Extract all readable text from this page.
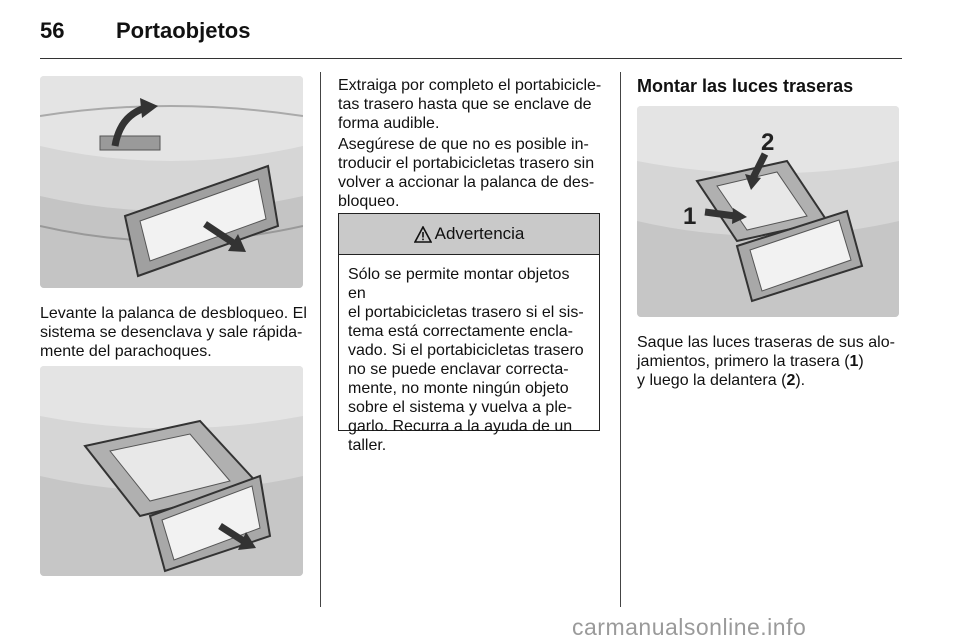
56 Portaobjetos

Levante la palanca de desbloqueo. El
sistema se desenclava y sale rápida-
mente del parachoques.

Extraiga por completo el portabicicle-
tas trasero hasta que se enclave de
forma audible.

Asegúrese de que no es posible in-
troducir el portabicicletas trasero sin
volver a accionar la palanca de des-
bloqueo.

Advertencia
Sólo se permite montar objetos en
el portabicicletas trasero si el sis-
tema está correctamente encla-
vado. Si el portabicicletas trasero
no se puede enclavar correcta-
mente, no monte ningún objeto
sobre el sistema y vuelva a ple-
garlo. Recurra a la ayuda de un
taller.
Montar las luces traseras
1
2

Saque las luces traseras de sus alo-
jamientos, primero la trasera (1)
y luego la delantera (2).

carmanualsonline.info
